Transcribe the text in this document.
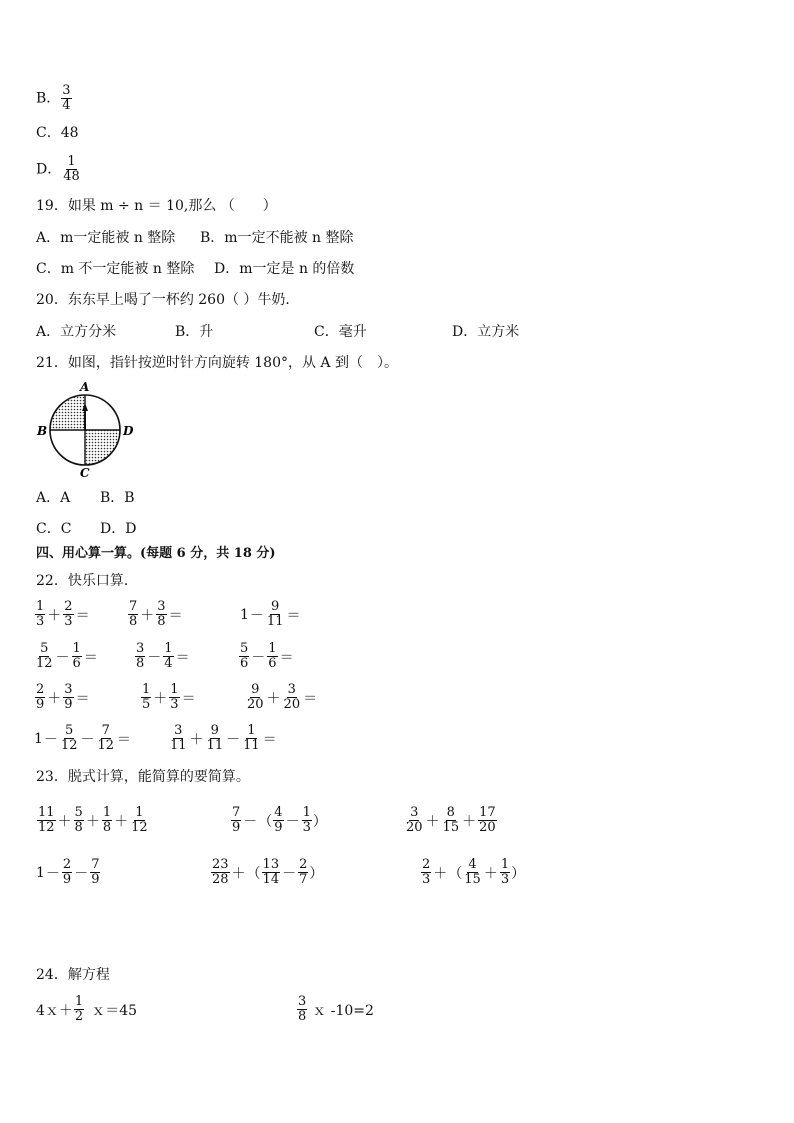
B． $\frac{3}{4}$
C．48
D． $\frac{1}{48}$
19．如果 m ÷ n ＝ 10,那么 （　　）
A．m一定能被 n 整除 B．m一定不能被 n 整除
C．m 不一定能被 n 整除 D．m一定是 n 的倍数
20．东东早上喝了一杯约 260（ ）牛奶．
A．立方分米	B．升	C．毫升	D．立方米
21．如图，指针按逆时针方向旋转 180°，从 A 到（　）。
A
B	D
C
A．A B．B
C．C D．D
四、用心算一算。(每题 6 分，共 18 分)
22．快乐口算．
$\frac{1}{3} + \frac{2}{3}$ ＝	$\frac{7}{8} + \frac{3}{8}$ ＝	$1 - \frac{9}{11}$ ＝
$\frac{5}{12} - \frac{1}{6}$ ＝	$\frac{3}{8} - \frac{1}{4}$ ＝	$\frac{5}{6} - \frac{1}{6}$ ＝
$\frac{2}{9} + \frac{3}{9}$ ＝	$\frac{1}{5} + \frac{1}{3}$ ＝	$\frac{9}{20} + \frac{3}{20}$ ＝
$1 - \frac{5}{12} - \frac{7}{12}$ ＝	$\frac{3}{11} + \frac{9}{11} - \frac{1}{11}$ ＝
23．脱式计算，能简算的要简算。
$\frac{11}{12} + \frac{5}{8} + \frac{1}{8} + \frac{1}{12}$	$\frac{7}{9}$ － （ $\frac{4}{9} - \frac{1}{3}$ ）	$\frac{3}{20} + \frac{8}{15} + \frac{17}{20}$
$1 - \frac{2}{9} - \frac{7}{9}$	$\frac{23}{28}$ ＋ （ $\frac{13}{14} - \frac{2}{7}$ ）	$\frac{2}{3}$ ＋ （ $\frac{4}{15} + \frac{1}{3}$ ）
24．解方程
4ｘ＋ $\frac{1}{2}$ ｘ＝45	$\frac{3}{8}$ ｘ -10=2
